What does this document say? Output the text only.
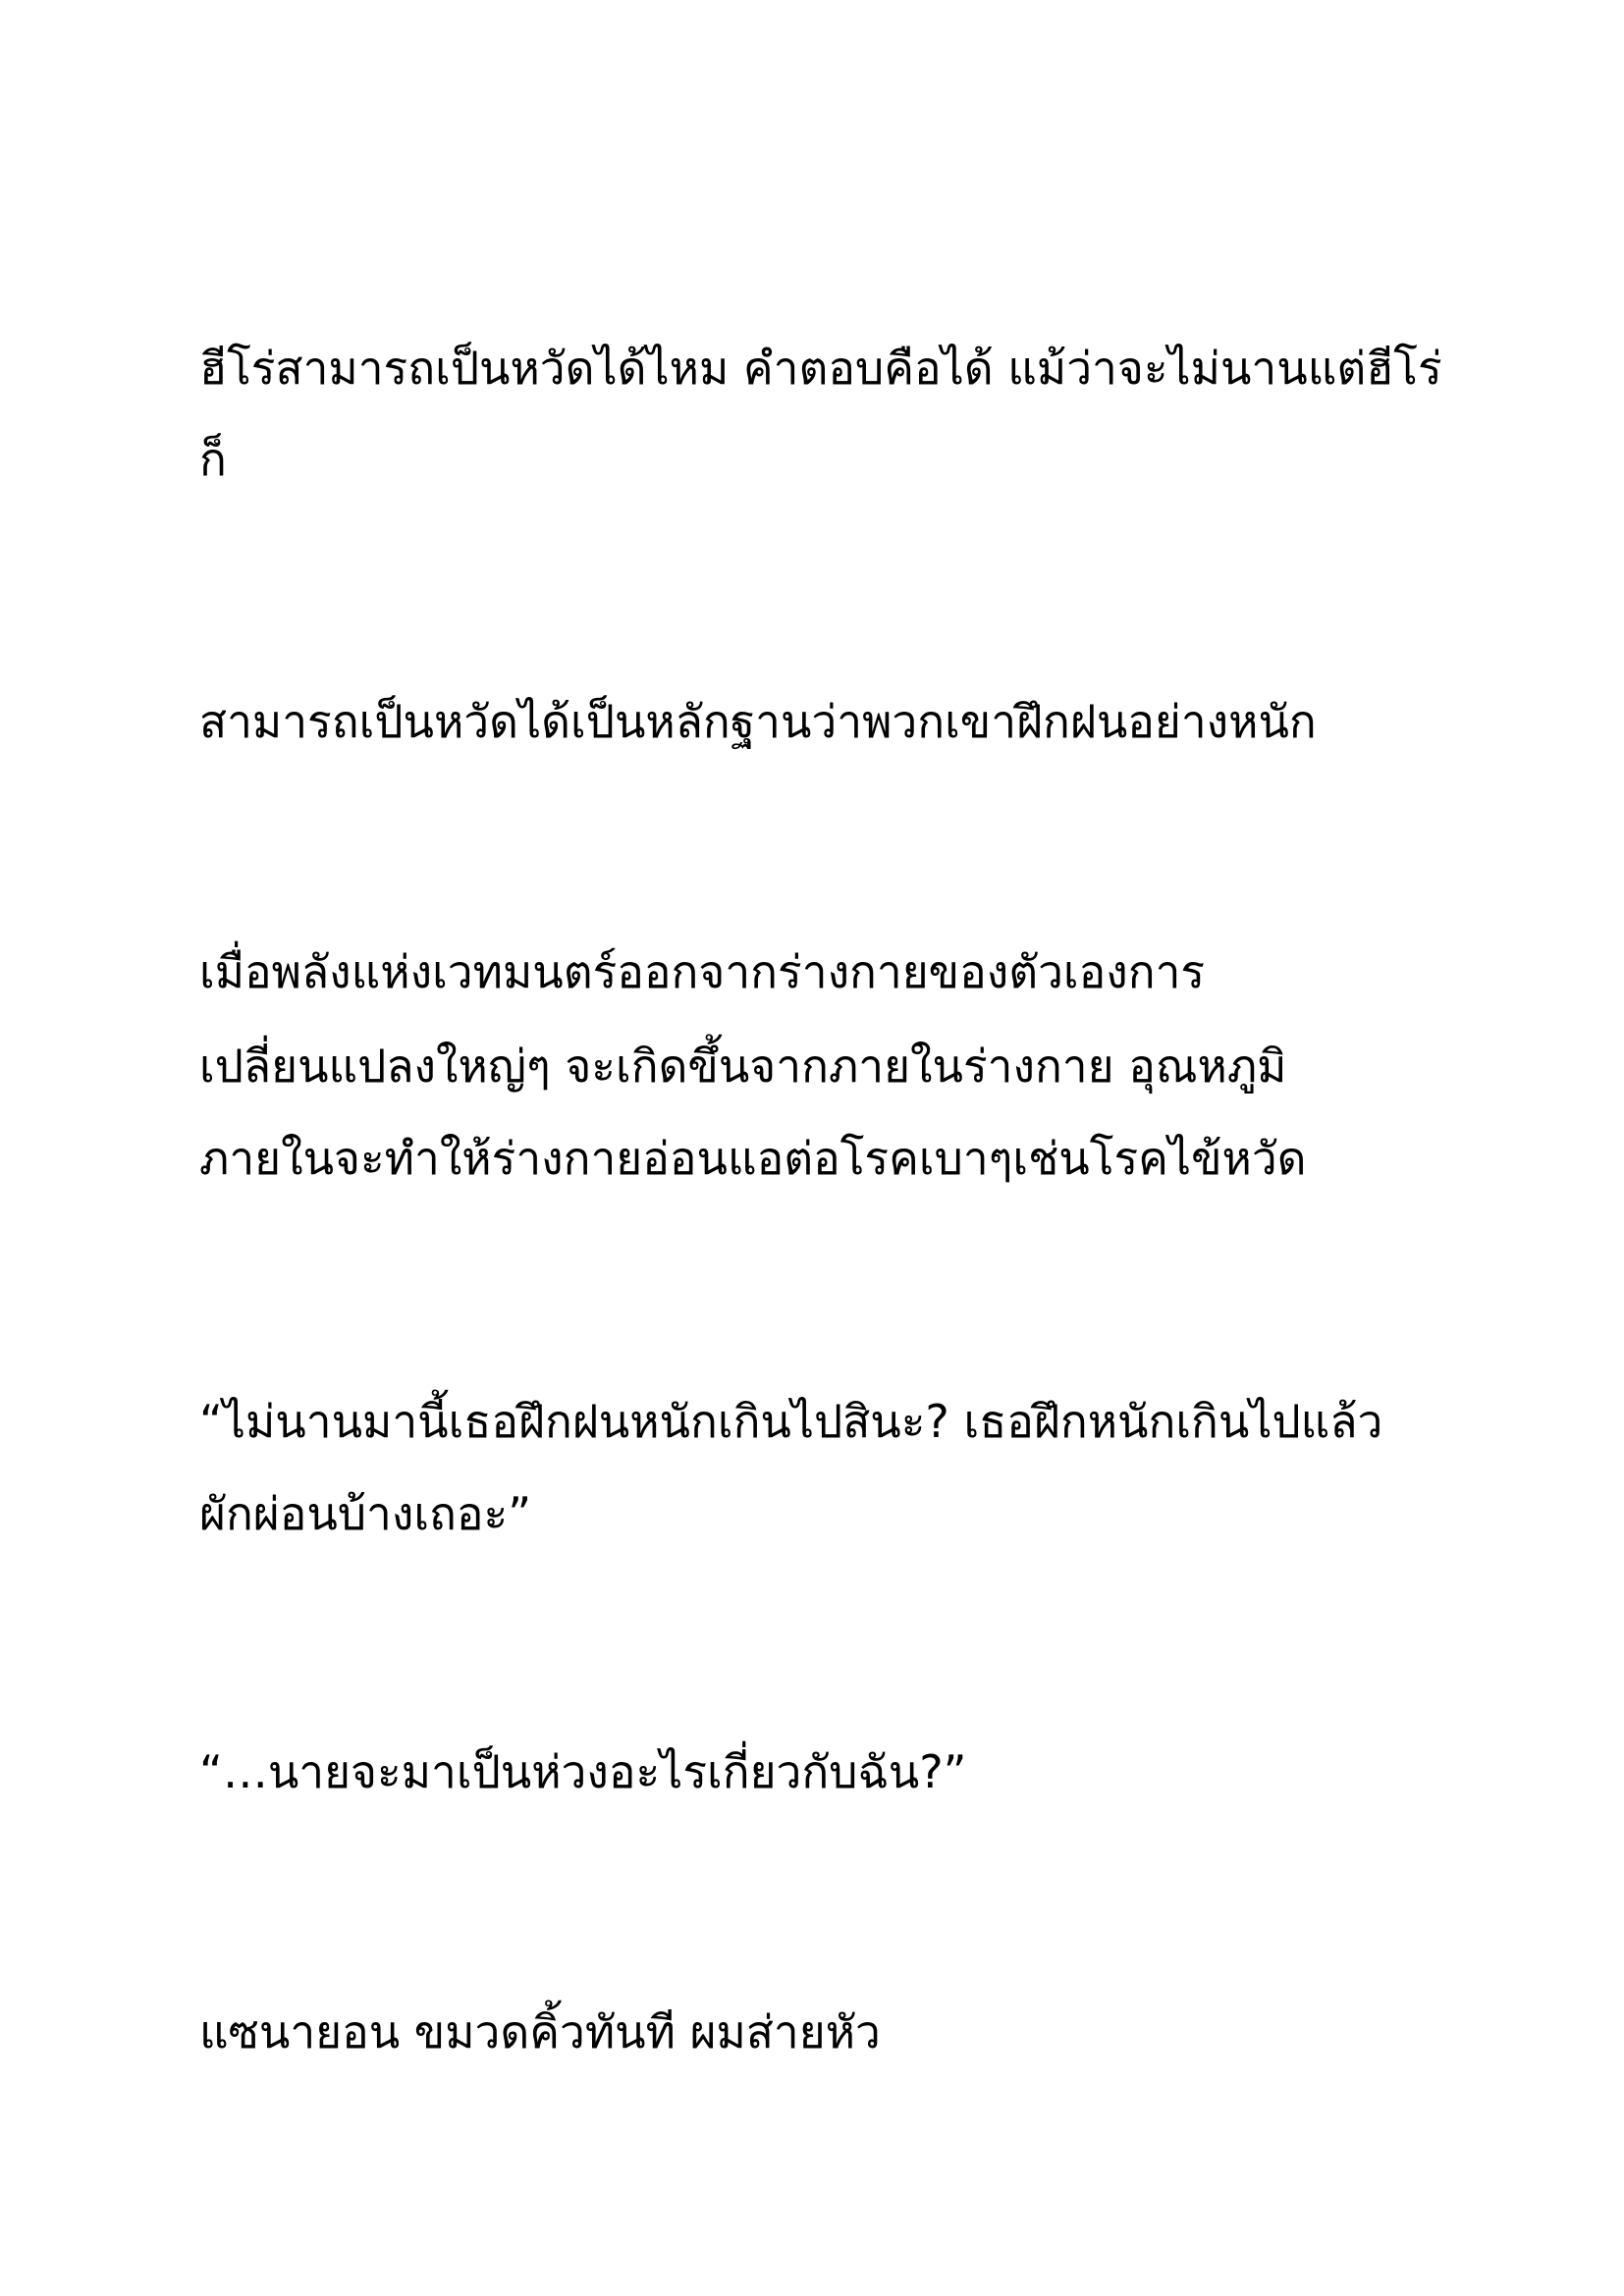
ฮีโร่สามารถเป็นหวัดได้ไหม คำตอบคือได้ แม้ว่าจะไม่นานแต่ฮีโร่

ก็

สามารถเป็นหวัดได้เป็นหลักฐานว่าพวกเขาฝึกฝนอย่างหนัก

เมื่อพลังแห่งเวทมนตร์ออกจากร่างกายของตัวเองการ

เปลี่ยนแปลงใหญ่ๆ จะเกิดขึ้นจากภายในร่างกาย อุณหภูมิ

ภายในจะทำให้ร่างกายอ่อนแอต่อโรคเบาๆเช่นโรคไข้หวัด

“ไม่นานมานี้เธอฝึกฝนหนักเกินไปสินะ? เธอฝึกหนักเกินไปแล้ว

ผักผ่อนบ้างเถอะ”

“…นายจะมาเป็นห่วงอะไรเกี่ยวกับฉัน?”

แซนายอน ขมวดคิ้วทันที ผมส่ายหัว
